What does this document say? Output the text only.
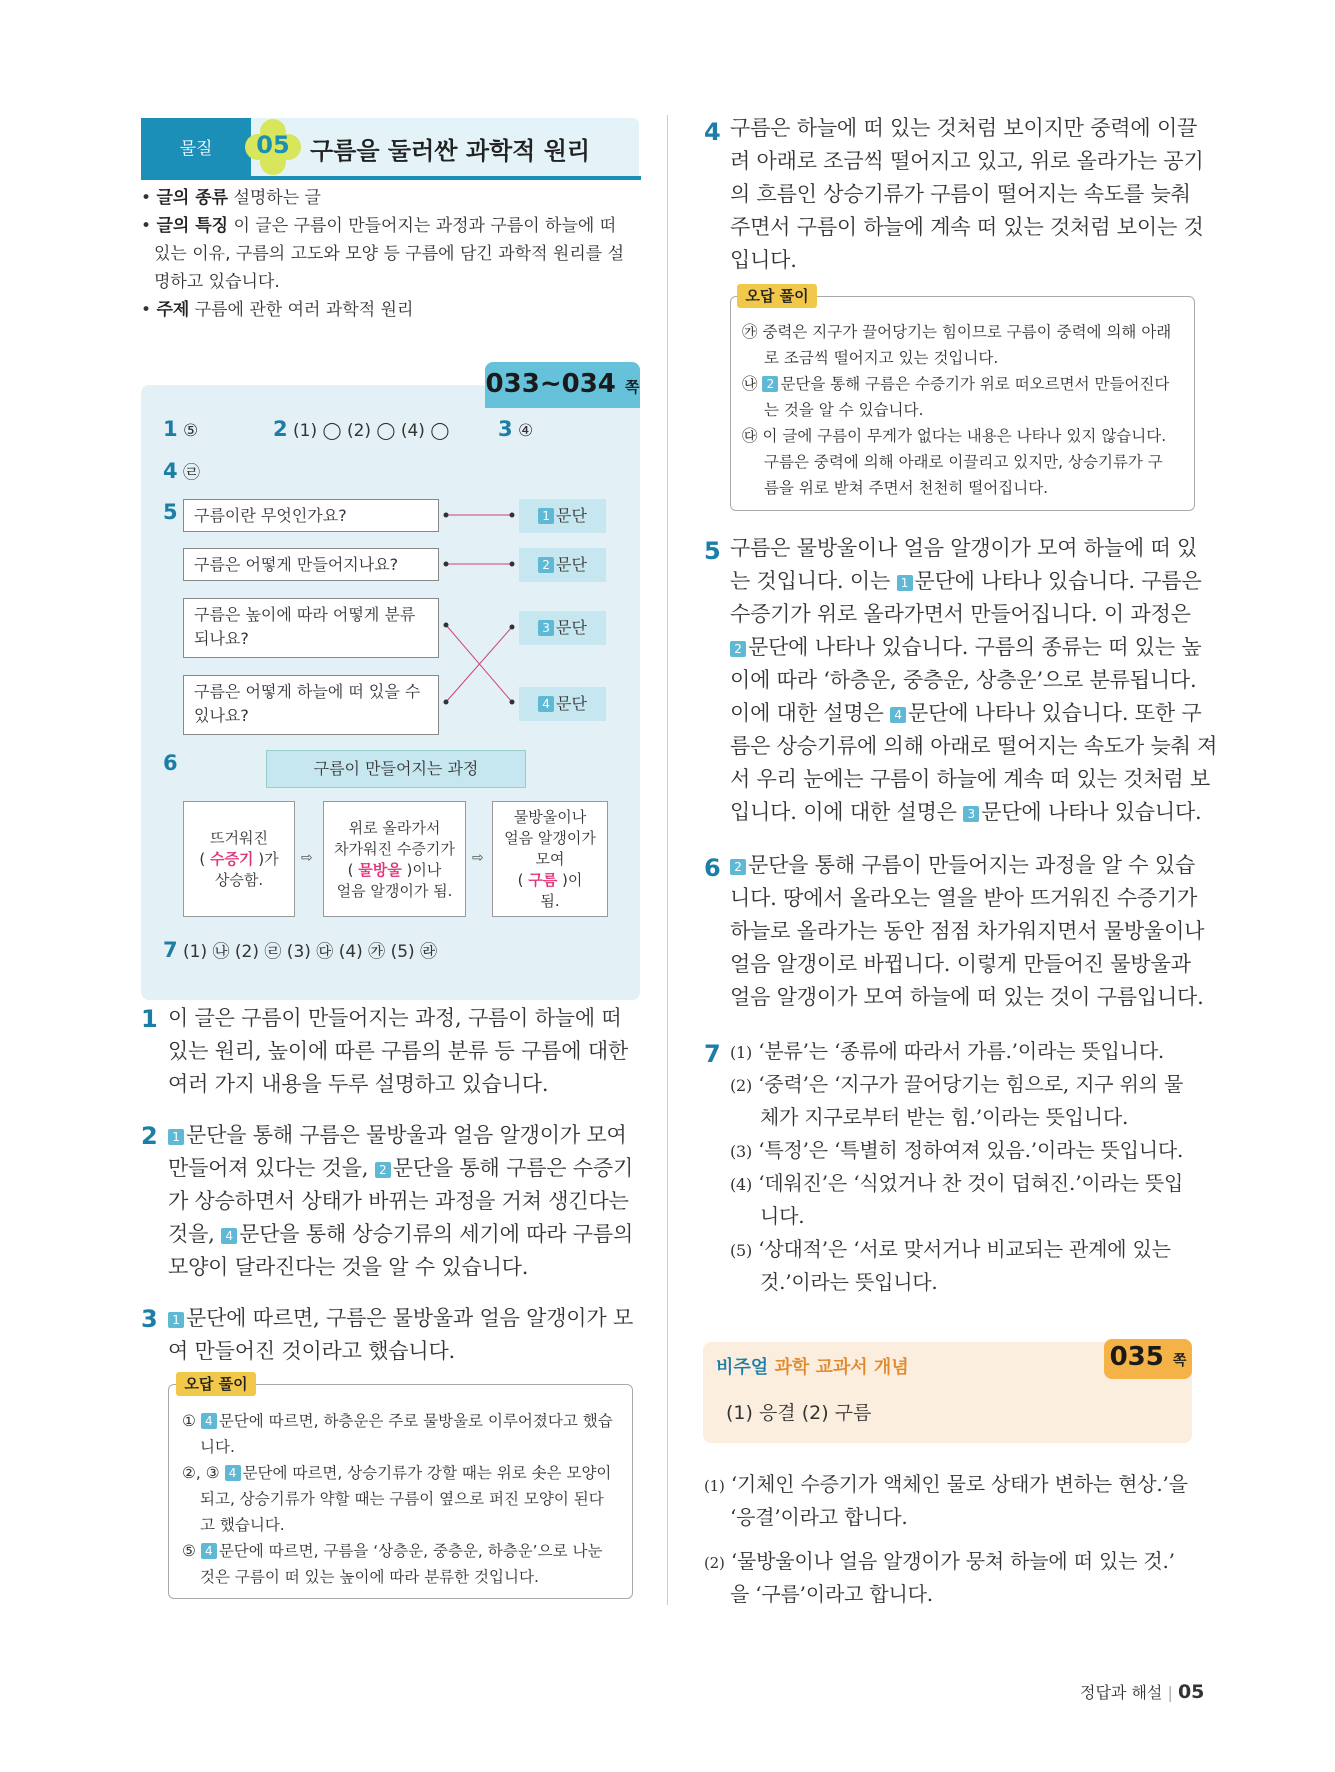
물질	05 구름을 둘러싼 과학적 원리
• 글의 종류 설명하는 글
• 글의 특징 이 글은 구름이 만들어지는 과정과 구름이 하늘에 떠
있는 이유, 구름의 고도와 모양 등 구름에 담긴 과학적 원리를 설
명하고 있습니다.
• 주제 구름에 관한 여러 과학적 원리
033~034 쪽
1 ⑤	2 (1) ◯ (2) ◯ (4) ◯ 3 ④
4 ㉣
5	구름이란 무엇인가요?
구름은 어떻게 만들어지나요?
구름은 높이에 따라 어떻게 분류되나요?
구름은 어떻게 하늘에 떠 있을 수 있나요?
1 문단
2 문단
3 문단
4 문단
6	구름이 만들어지는 과정
뜨거워진
( 수증기 )가
상승함.
⇨
위로 올라가서
차가워진 수증기가
( 물방울 )이나
얼음 알갱이가 됨.
⇨
물방울이나
얼음 알갱이가
모여
( 구름 )이
됨.
7 (1) ㉯ (2) ㉣ (3) ㉰ (4) ㉮ (5) ㉱
1 이 글은 구름이 만들어지는 과정, 구름이 하늘에 떠
있는 원리, 높이에 따른 구름의 분류 등 구름에 대한
여러 가지 내용을 두루 설명하고 있습니다.
2	1 문단을 통해 구름은 물방울과 얼음 알갱이가 모여
만들어져 있다는 것을, 2 문단을 통해 구름은 수증기
가 상승하면서 상태가 바뀌는 과정을 거쳐 생긴다는
것을, 4 문단을 통해 상승기류의 세기에 따라 구름의
모양이 달라진다는 것을 알 수 있습니다.
3	1 문단에 따르면, 구름은 물방울과 얼음 알갱이가 모
여 만들어진 것이라고 했습니다.
오답 풀이
① 4 문단에 따르면, 하층운은 주로 물방울로 이루어졌다고 했습
니다.
②, ③ 4 문단에 따르면, 상승기류가 강할 때는 위로 솟은 모양이
되고, 상승기류가 약할 때는 구름이 옆으로 퍼진 모양이 된다
고 했습니다.
⑤ 4 문단에 따르면, 구름을 ‘상층운, 중층운, 하층운’으로 나눈
것은 구름이 떠 있는 높이에 따라 분류한 것입니다.
4 구름은 하늘에 떠 있는 것처럼 보이지만 중력에 이끌
려 아래로 조금씩 떨어지고 있고, 위로 올라가는 공기
의 흐름인 상승기류가 구름이 떨어지는 속도를 늦춰
주면서 구름이 하늘에 계속 떠 있는 것처럼 보이는 것
입니다.
오답 풀이
㉮ 중력은 지구가 끌어당기는 힘이므로 구름이 중력에 의해 아래
로 조금씩 떨어지고 있는 것입니다.
㉯ 2 문단을 통해 구름은 수증기가 위로 떠오르면서 만들어진다
는 것을 알 수 있습니다.
㉰ 이 글에 구름이 무게가 없다는 내용은 나타나 있지 않습니다.
구름은 중력에 의해 아래로 이끌리고 있지만, 상승기류가 구
름을 위로 받쳐 주면서 천천히 떨어집니다.
5 구름은 물방울이나 얼음 알갱이가 모여 하늘에 떠 있
는 것입니다. 이는 1 문단에 나타나 있습니다. 구름은
수증기가 위로 올라가면서 만들어집니다. 이 과정은
2 문단에 나타나 있습니다. 구름의 종류는 떠 있는 높
이에 따라 ‘하층운, 중층운, 상층운’으로 분류됩니다.
이에 대한 설명은 4 문단에 나타나 있습니다. 또한 구
름은 상승기류에 의해 아래로 떨어지는 속도가 늦춰 져
서 우리 눈에는 구름이 하늘에 계속 떠 있는 것처럼 보
입니다. 이에 대한 설명은 3 문단에 나타나 있습니다.
6	2 문단을 통해 구름이 만들어지는 과정을 알 수 있습
니다. 땅에서 올라오는 열을 받아 뜨거워진 수증기가
하늘로 올라가는 동안 점점 차가워지면서 물방울이나
얼음 알갱이로 바뀝니다. 이렇게 만들어진 물방울과
얼음 알갱이가 모여 하늘에 떠 있는 것이 구름입니다.
7 (1) ‘분류’는 ‘종류에 따라서 가름.’이라는 뜻입니다.
(2) ‘중력’은 ‘지구가 끌어당기는 힘으로, 지구 위의 물
체가 지구로부터 받는 힘.’이라는 뜻입니다.
(3) ‘특정’은 ‘특별히 정하여져 있음.’이라는 뜻입니다.
(4) ‘데워진’은 ‘식었거나 찬 것이 덥혀진.’이라는 뜻입
니다.
(5) ‘상대적’은 ‘서로 맞서거나 비교되는 관계에 있는
것.’이라는 뜻입니다.
035 쪽
비주얼 과학 교과서 개념
(1) 응결 (2) 구름
(1) ‘기체인 수증기가 액체인 물로 상태가 변하는 현상.’을
‘응결’이라고 합니다.
(2) ‘물방울이나 얼음 알갱이가 뭉쳐 하늘에 떠 있는 것.’
을 ‘구름’이라고 합니다.
정답과 해설 | 05
